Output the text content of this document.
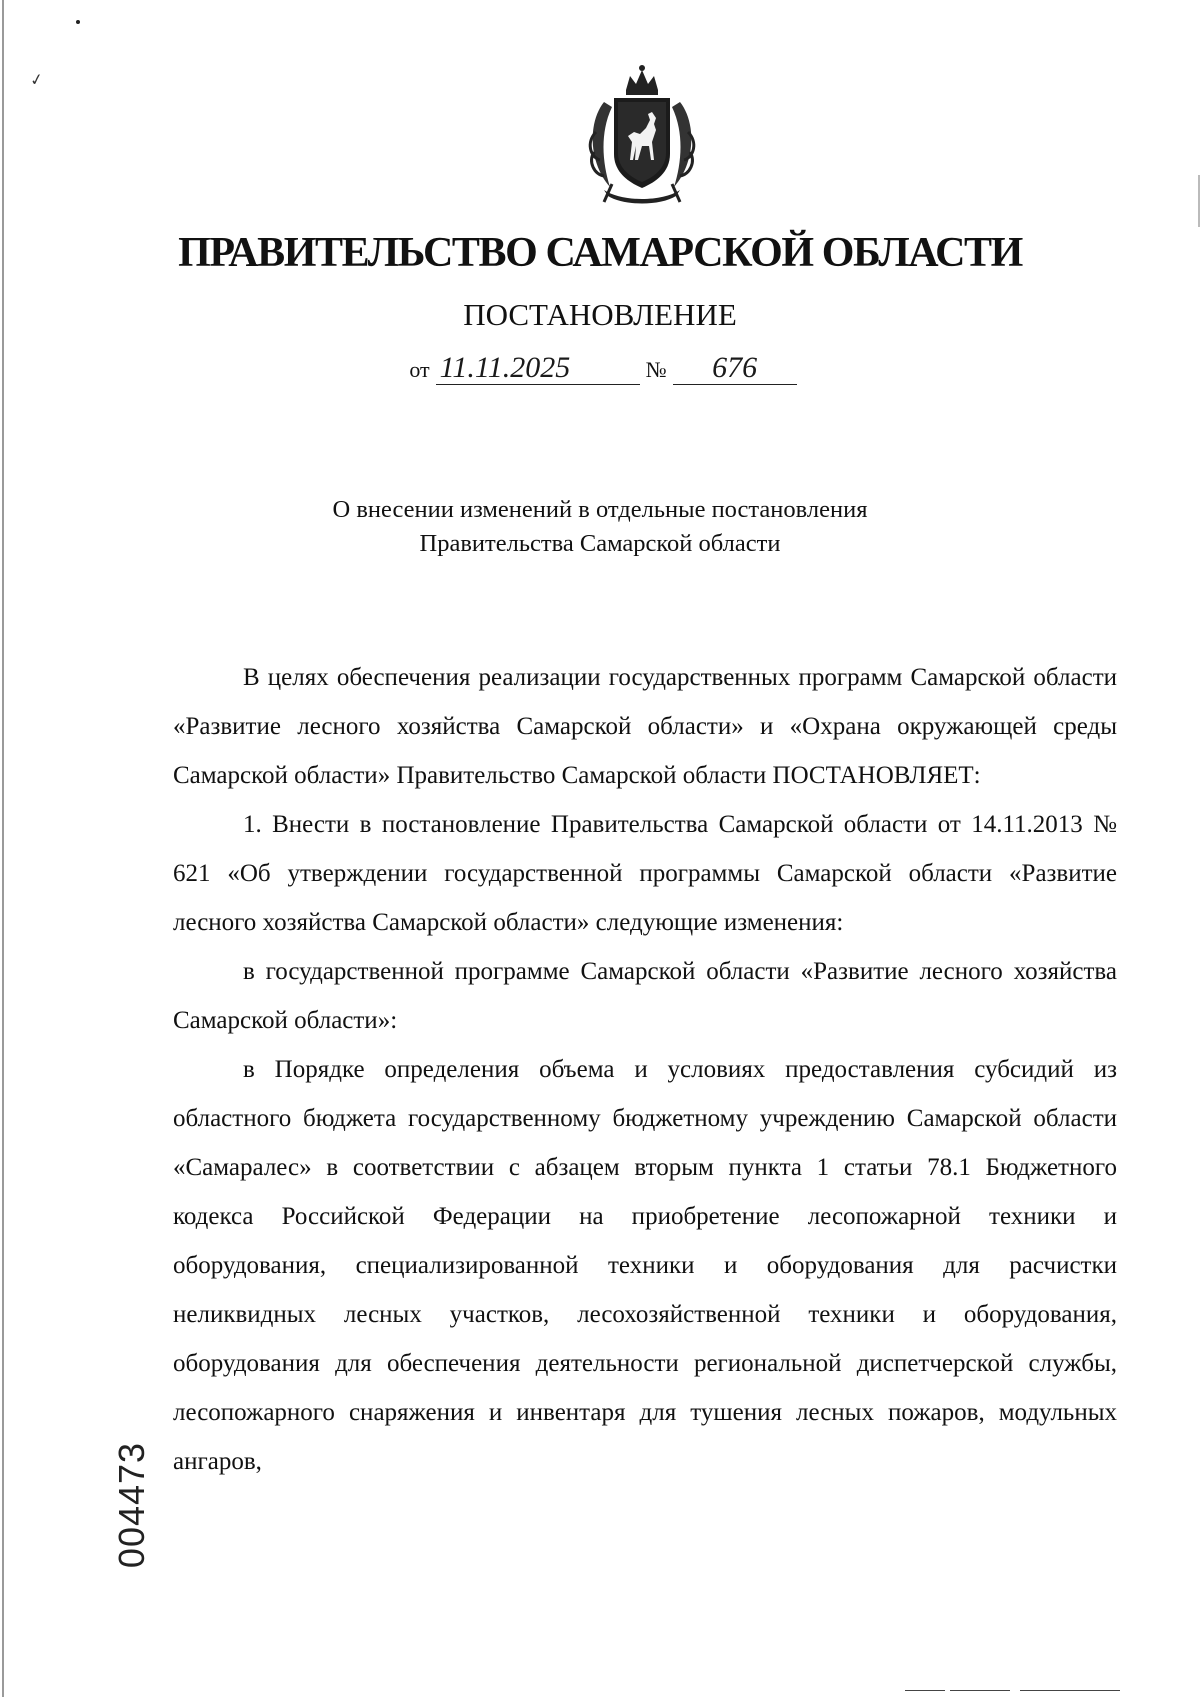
✓
ПРАВИТЕЛЬСТВО САМАРСКОЙ ОБЛАСТИ
ПОСТАНОВЛЕНИЕ
от 11.11.2025	№ 676
О внесении изменений в отдельные постановления
Правительства Самарской области

В целях обеспечения реализации государственных программ Самарской области «Развитие лесного хозяйства Самарской области» и «Охрана окружающей среды Самарской области» Правительство Самарской области ПОСТАНОВЛЯЕТ:

1. Внести в постановление Правительства Самарской области от 14.11.2013 № 621 «Об утверждении государственной программы Самарской области «Развитие лесного хозяйства Самарской области» следующие изменения:

в государственной программе Самарской области «Развитие лесного хозяйства Самарской области»:

в Порядке определения объема и условиях предоставления субсидий из областного бюджета государственному бюджетному учреждению Самарской области «Самаралес» в соответствии с абзацем вторым пункта 1 статьи 78.1 Бюджетного кодекса Российской Федерации на приобретение лесопожарной техники и оборудования, специализированной техники и оборудования для расчистки неликвидных лесных участков, лесохозяйственной техники и оборудования, оборудования для обеспечения деятельности региональной диспетчерской службы, лесопожарного снаряжения и инвентаря для тушения лесных пожаров, модульных ангаров,

004473
